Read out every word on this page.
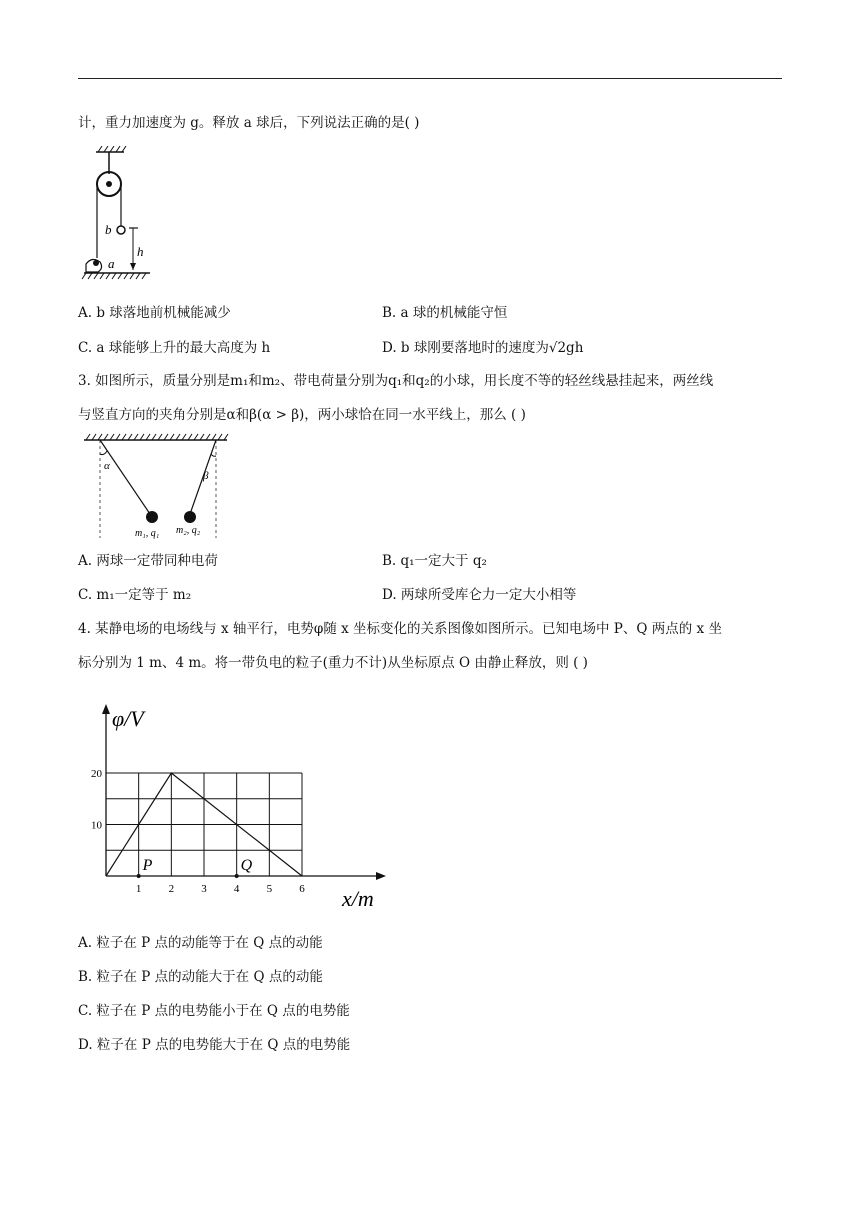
计，重力加速度为 g。释放 a 球后，下列说法正确的是( )
b
h
a
A. b 球落地前机械能减少	B. a 球的机械能守恒
C. a 球能够上升的最大高度为 h	D. b 球刚要落地时的速度为√2gh
3. 如图所示，质量分别是m₁和m₂、带电荷量分别为q₁和q₂的小球，用长度不等的轻丝线悬挂起来，两丝线
与竖直方向的夹角分别是α和β(α > β)，两小球恰在同一水平线上，那么 ( )
α
β
m₁, q₁ m₂, q₂
A. 两球一定带同种电荷	B. q₁一定大于 q₂
C. m₁一定等于 m₂	D. 两球所受库仑力一定大小相等
4. 某静电场的电场线与 x 轴平行，电势φ随 x 坐标变化的关系图像如图所示。已知电场中 P、Q 两点的 x 坐
标分别为 1 m、4 m。将一带负电的粒子(重力不计)从坐标原点 O 由静止释放，则 ( )
φ/V
x/m
1 2 3 4 5 6
10
20
P	Q
A. 粒子在 P 点的动能等于在 Q 点的动能
B. 粒子在 P 点的动能大于在 Q 点的动能
C. 粒子在 P 点的电势能小于在 Q 点的电势能
D. 粒子在 P 点的电势能大于在 Q 点的电势能
